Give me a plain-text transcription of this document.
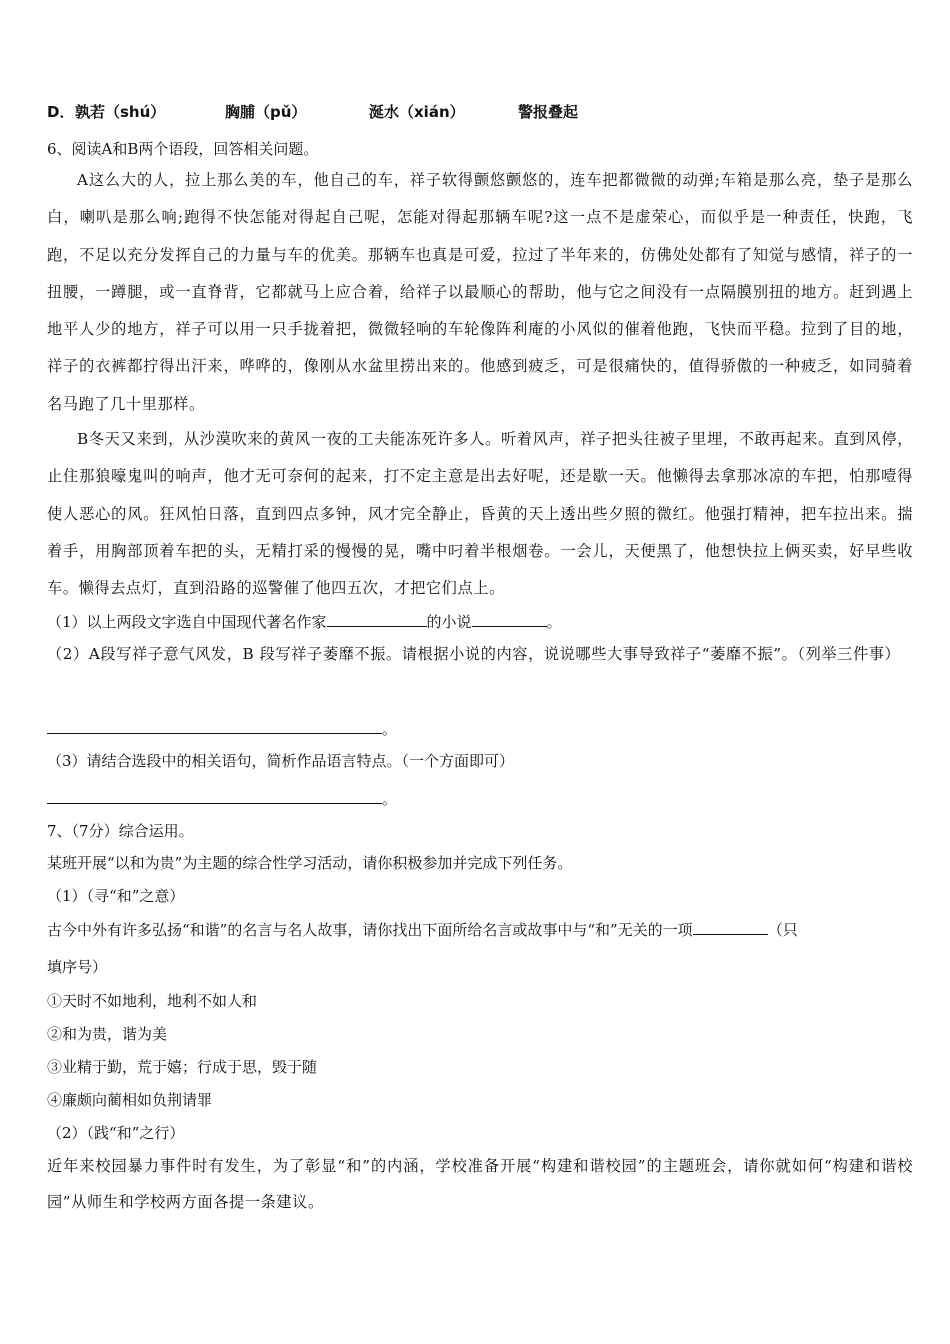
D． 孰若（shú）	胸脯（pǔ）	涎水（xián）	警报叠起
6、阅读A和B两个语段，回答相关问题。
A这么大的人，拉上那么美的车，他自己的车，祥子软得颤悠颤悠的，连车把都微微的动弹;车箱是那么亮，垫子是那么白，喇叭是那么响;跑得不快怎能对得起自己呢，怎能对得起那辆车呢?这一点不是虚荣心，而似乎是一种责任，快跑，飞跑，不足以充分发挥自己的力量与车的优美。那辆车也真是可爱，拉过了半年来的，仿佛处处都有了知觉与感情，祥子的一扭腰，一蹲腿，或一直脊背，它都就马上应合着，给祥子以最顺心的帮助，他与它之间没有一点隔膜别扭的地方。赶到遇上地平人少的地方，祥子可以用一只手拢着把，微微轻响的车轮像阵利庵的小风似的催着他跑，飞快而平稳。拉到了目的地，祥子的衣裤都拧得出汗来，哗哗的，像刚从水盆里捞出来的。他感到疲乏，可是很痛快的，值得骄傲的一种疲乏，如同骑着名马跑了几十里那样。
B冬天又来到，从沙漠吹来的黄风一夜的工夫能冻死许多人。听着风声，祥子把头往被子里埋，不敢再起来。直到风停，止住那狼嚎鬼叫的响声，他才无可奈何的起来，打不定主意是出去好呢，还是歇一天。他懒得去拿那冰凉的车把，怕那噎得使人恶心的风。狂风怕日落，直到四点多钟，风才完全静止，昏黄的天上透出些夕照的微红。他强打精神，把车拉出来。揣着手，用胸部顶着车把的头，无精打采的慢慢的晃，嘴中叼着半根烟卷。一会儿，天便黑了，他想快拉上俩买卖，好早些收车。懒得去点灯，直到沿路的巡警催了他四五次，才把它们点上。
（1）以上两段文字选自中国现代著名作家	的小说	。
（2）A段写祥子意气风发，B 段写祥子萎靡不振。请根据小说的内容，说说哪些大事导致祥子“萎靡不振”。（列举三件事）
。
（3）请结合选段中的相关语句，简析作品语言特点。（一个方面即可）
。
7、（7分）综合运用。
某班开展“以和为贵”为主题的综合性学习活动，请你积极参加并完成下列任务。
（1）（寻“和”之意）
古今中外有许多弘扬“和谐”的名言与名人故事，请你找出下面所给名言或故事中与“和”无关的一项	（只
填序号）
①天时不如地利，地利不如人和
②和为贵，谐为美
③业精于勤，荒于嬉；行成于思，毁于随
④廉颇向蔺相如负荆请罪
（2）（践“和”之行）
近年来校园暴力事件时有发生，为了彰显“和”的内涵，学校准备开展“构建和谐校园”的主题班会，请你就如何“构建和谐校园”从师生和学校两方面各提一条建议。
